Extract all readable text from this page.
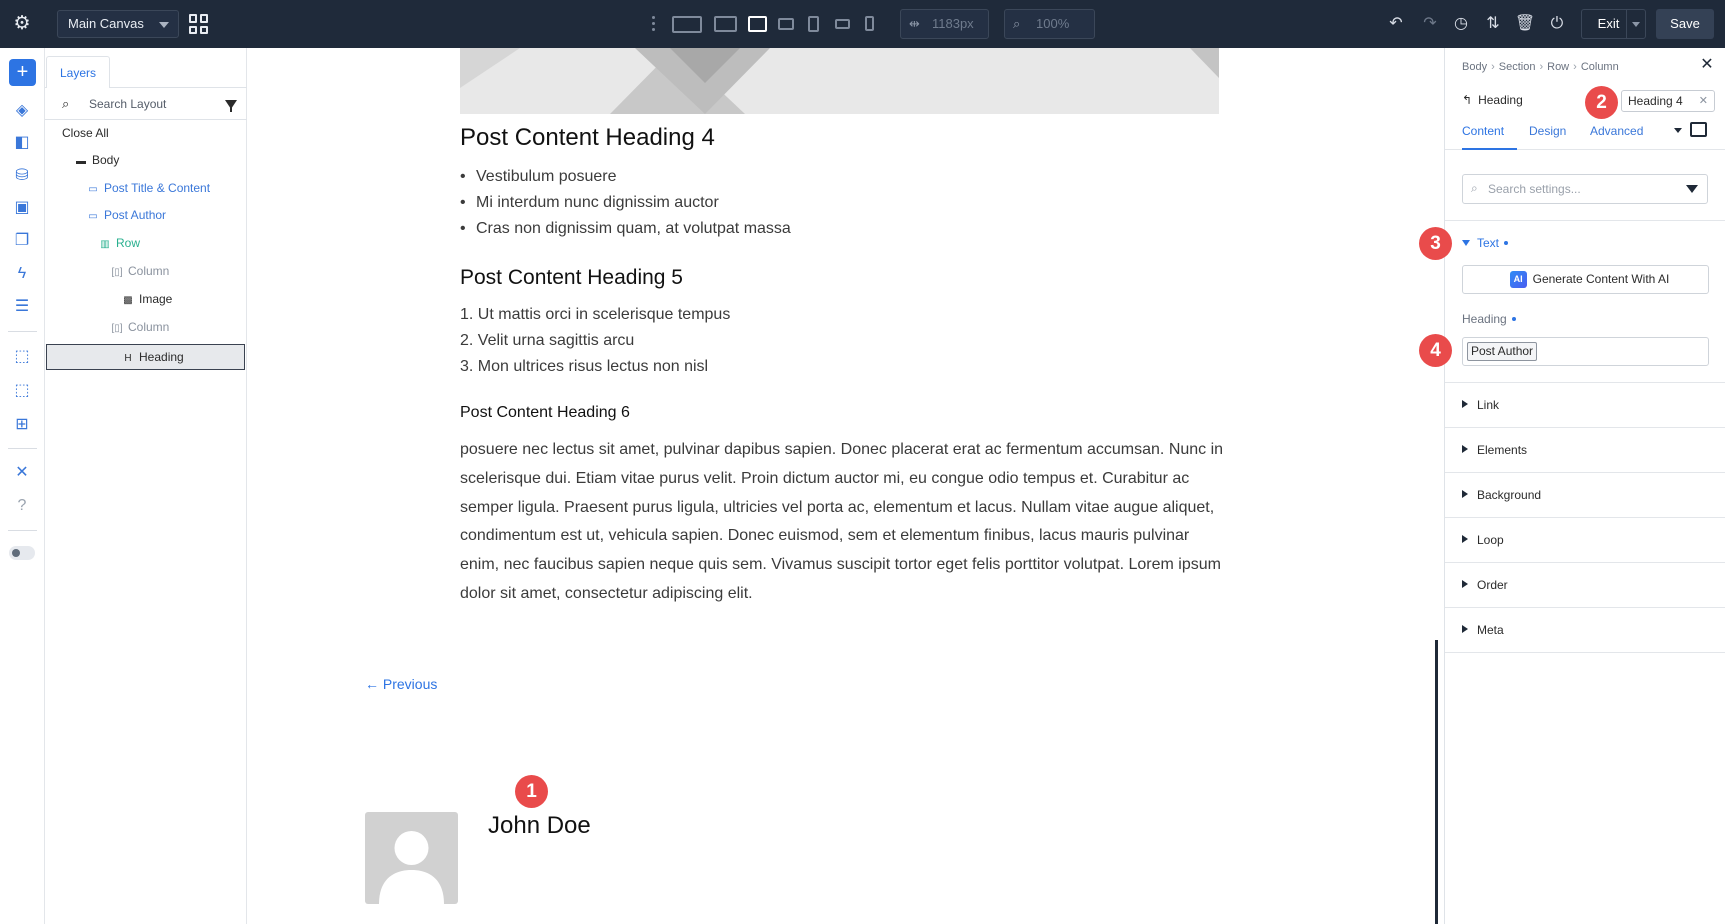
⚙	Main Canvas	⇹ 1183px	⌕ 100%	↶	↷	◷	⇅ 🗑 ⏻	Exit	Save
+
◈
◧
⛁
▣
❐
ϟ
☰
⬚
⬚
⊞
✕
?
Layers
⌕ Search Layout
Close All
▬ Body
▭ Post Title & Content
▭ Post Author
▥ Row
[▯] Column
▩ Image
[▯] Column
H Heading
Post Content Heading 4
• Vestibulum posuere
• Mi interdum nunc dignissim auctor
• Cras non dignissim quam, at volutpat massa
Post Content Heading 5
1. Ut mattis orci in scelerisque tempus
2. Velit urna sagittis arcu
3. Mon ultrices risus lectus non nisl
Post Content Heading 6

posuere nec lectus sit amet, pulvinar dapibus sapien. Donec placerat erat ac fermentum accumsan. Nunc in scelerisque dui. Etiam vitae purus velit. Proin dictum auctor mi, eu congue odio tempus et. Curabitur ac semper ligula. Praesent purus ligula, ultricies vel porta ac, elementum et lacus. Nullam vitae augue aliquet, condimentum est ut, vehicula sapien. Donec euismod, sem et elementum finibus, lacus mauris pulvinar enim, nec faucibus sapien neque quis sem. Vivamus suscipit tortor eget felis porttitor volutpat. Lorem ipsum dolor sit amet, consectetur adipiscing elit.

← Previous
1
John Doe
Body › Section › Row › Column	✕
↰ Heading	2	Heading 4 ✕
Content	Design Advanced
⌕ Search settings...
3	Text
AI Generate Content With AI
Heading
4	Post Author
Link
Elements
Background
Loop
Order
Meta
